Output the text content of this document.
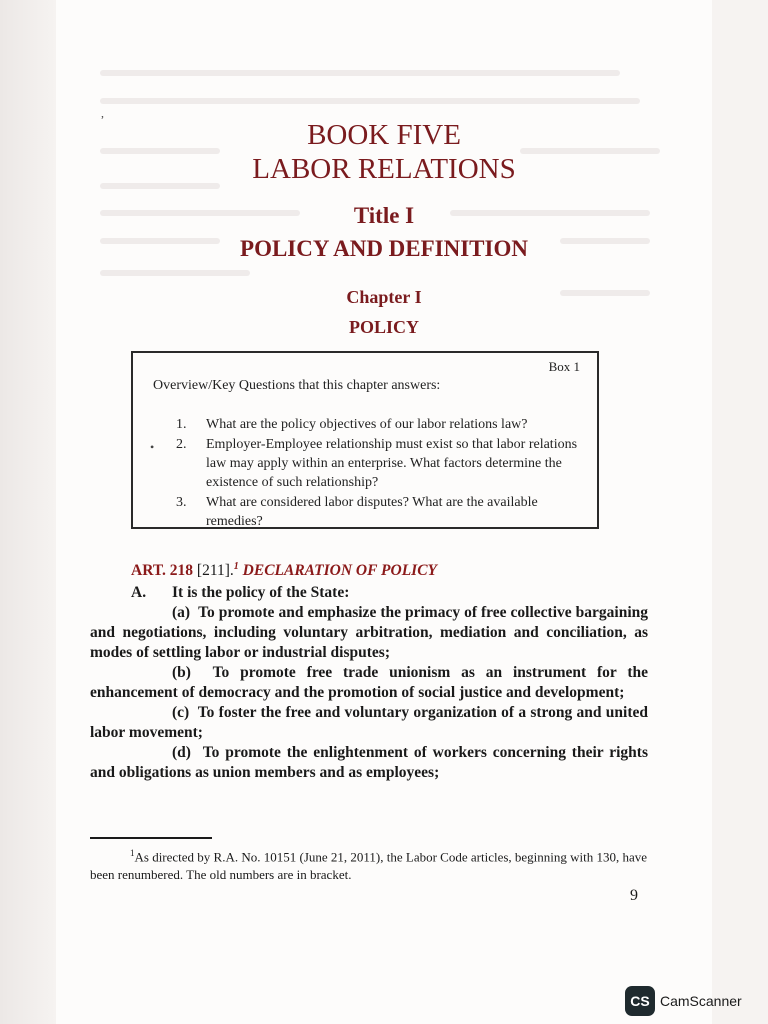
,
•
BOOK FIVE
LABOR RELATIONS
Title I
POLICY AND DEFINITION
Chapter I
POLICY
Box 1
Overview/Key Questions that this chapter answers:
1.	What are the policy objectives of our labor relations law?
2.	Employer-Employee relationship must exist so that labor relations law may apply within an enterprise. What factors determine the existence of such relationship?
3.	What are considered labor disputes? What are the available remedies?
ART. 218 [211].$^1$ DECLARATION OF POLICY
A. It is the policy of the State:
(a) To promote and emphasize the primacy of free collective bargaining and negotiations, including voluntary arbitration, mediation and conciliation, as modes of settling labor or industrial disputes;
(b) To promote free trade unionism as an instrument for the enhancement of democracy and the promotion of social justice and development;
(c) To foster the free and voluntary organization of a strong and united labor movement;
(d) To promote the enlightenment of workers concerning their rights and obligations as union members and as employees;
$^1$As directed by R.A. No. 10151 (June 21, 2011), the Labor Code articles, beginning with 130, have been renumbered. The old numbers are in bracket.
9
CS CamScanner
